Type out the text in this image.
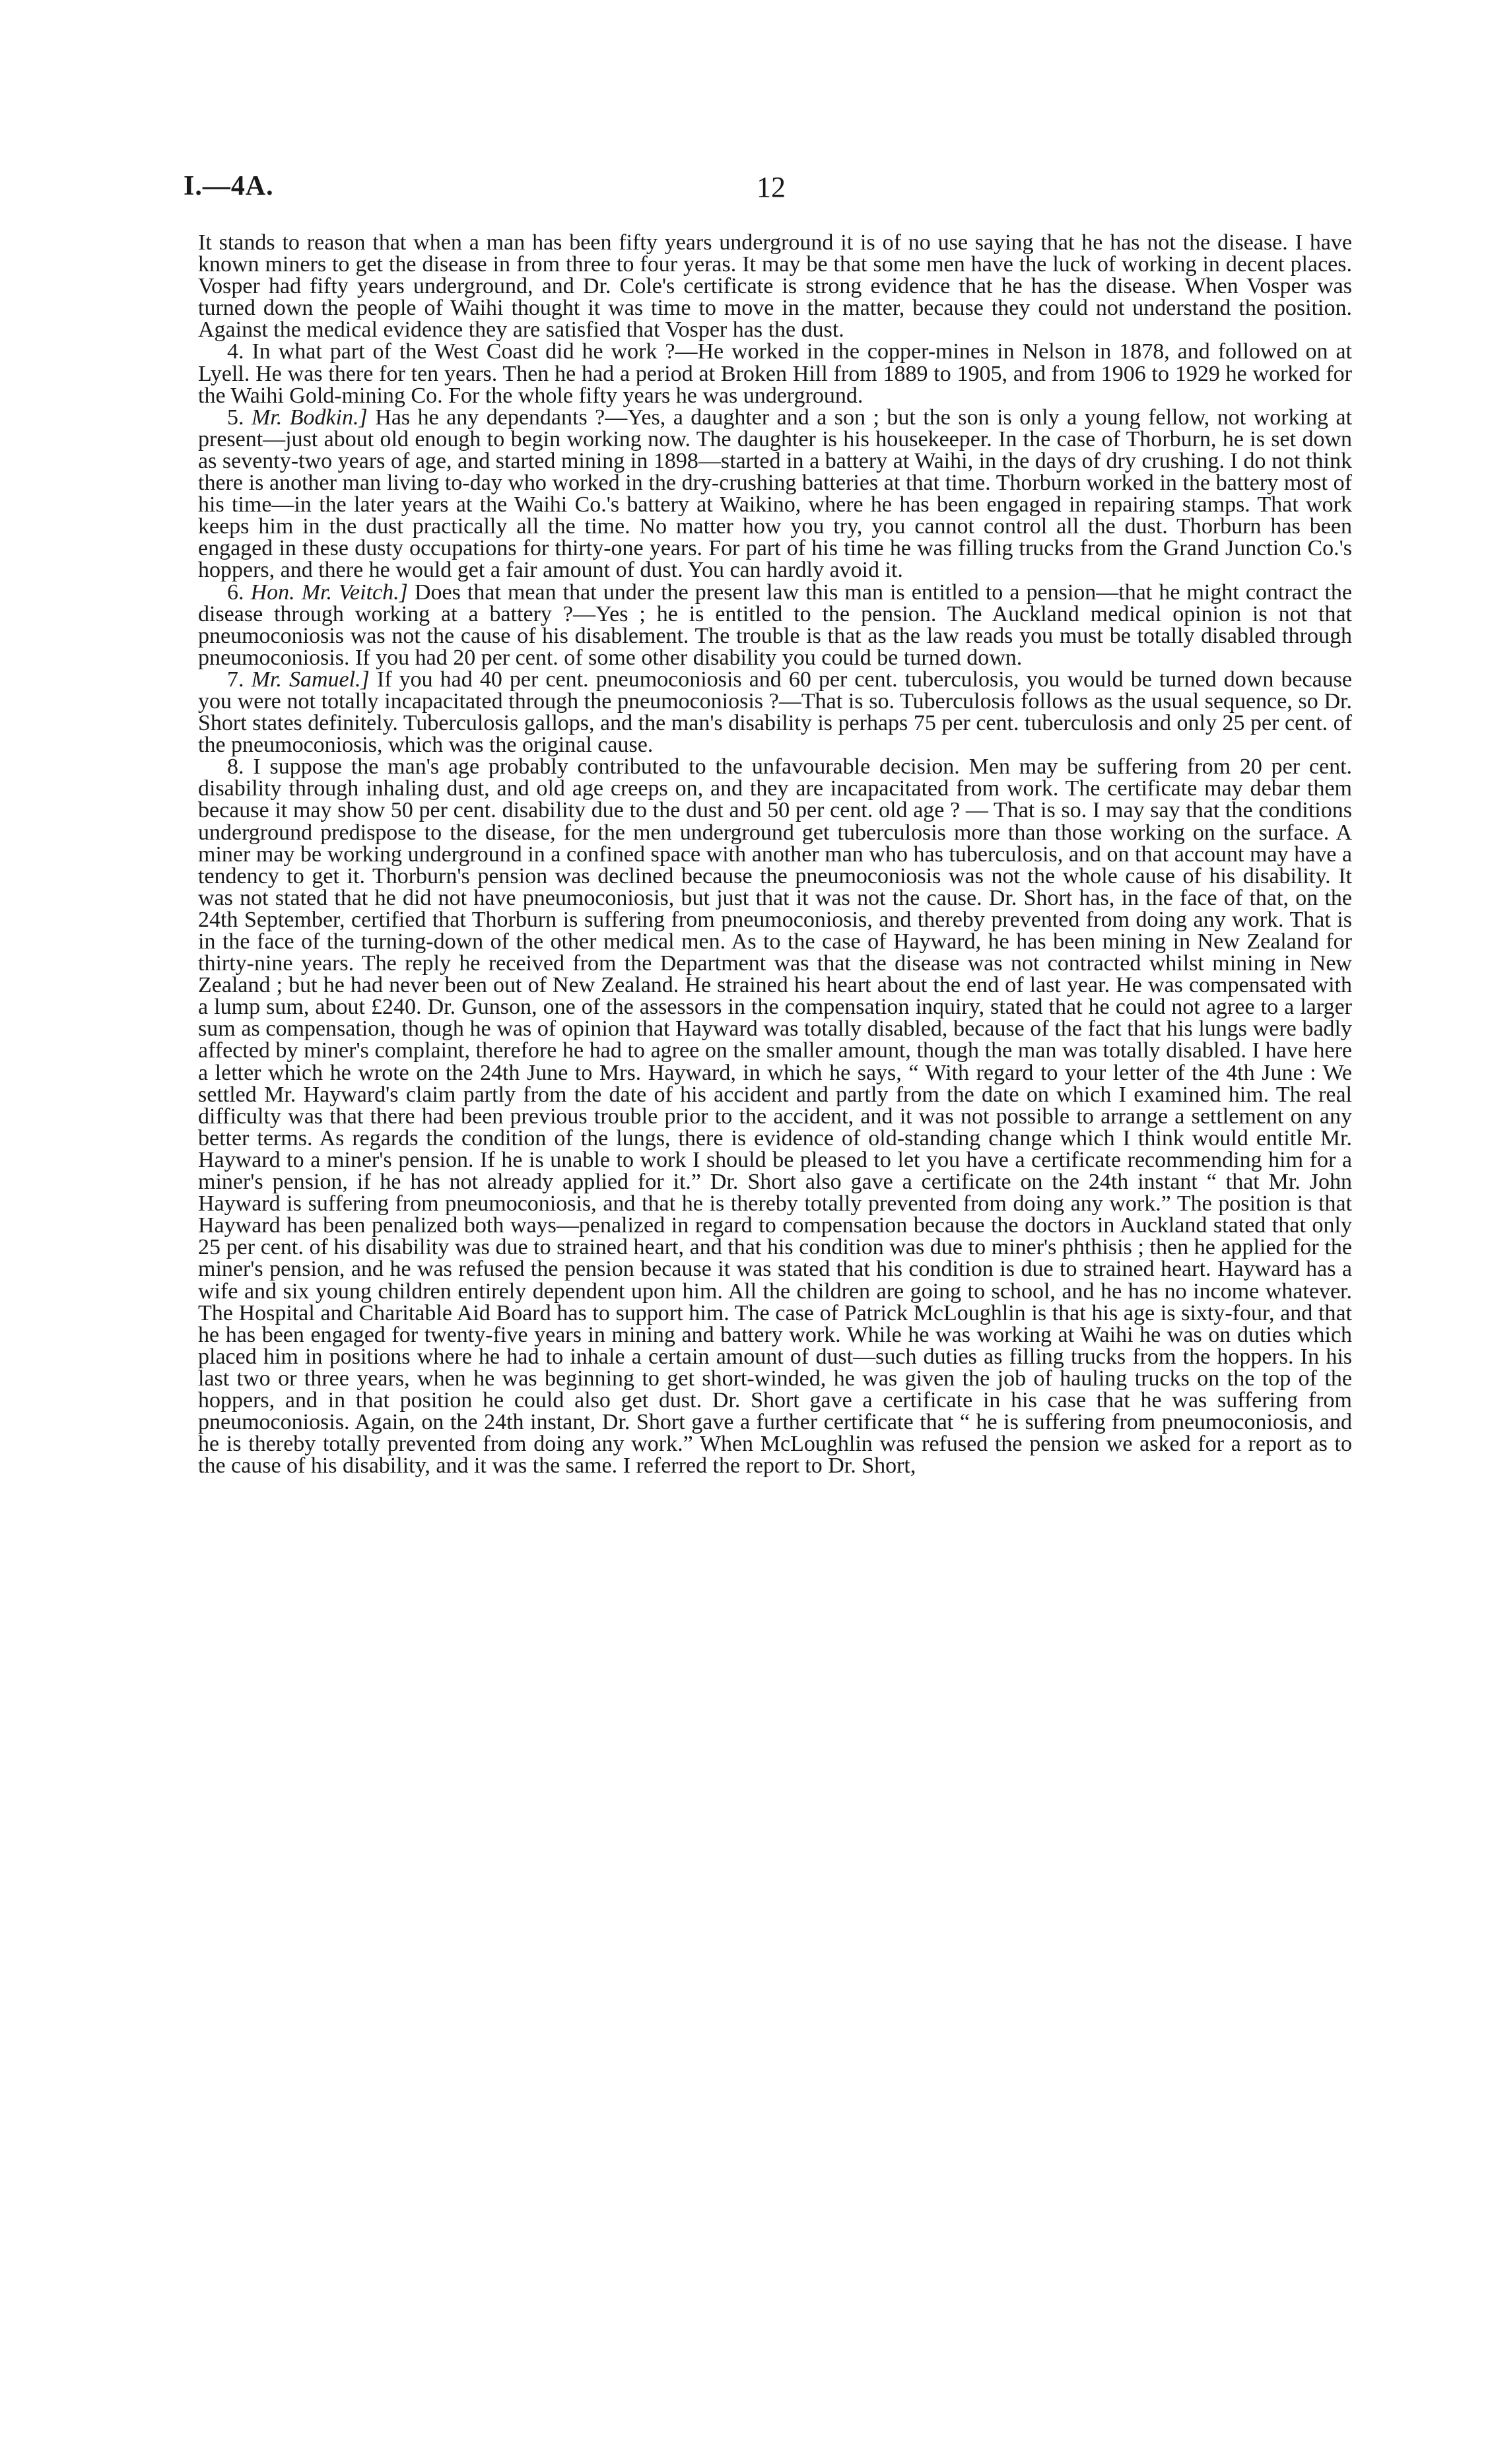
I.—4A.	12

It stands to reason that when a man has been fifty years underground it is of no use saying that he has not the disease. I have known miners to get the disease in from three to four yeras. It may be that some men have the luck of working in decent places. Vosper had fifty years underground, and Dr. Cole's certificate is strong evidence that he has the disease. When Vosper was turned down the people of Waihi thought it was time to move in the matter, because they could not understand the position. Against the medical evidence they are satisfied that Vosper has the dust.

4. In what part of the West Coast did he work ?—He worked in the copper-mines in Nelson in 1878, and followed on at Lyell. He was there for ten years. Then he had a period at Broken Hill from 1889 to 1905, and from 1906 to 1929 he worked for the Waihi Gold-mining Co. For the whole fifty years he was underground.

5. Mr. Bodkin.] Has he any dependants ?—Yes, a daughter and a son ; but the son is only a young fellow, not working at present—just about old enough to begin working now. The daughter is his housekeeper. In the case of Thorburn, he is set down as seventy-two years of age, and started mining in 1898—started in a battery at Waihi, in the days of dry crushing. I do not think there is another man living to-day who worked in the dry-crushing batteries at that time. Thorburn worked in the battery most of his time—in the later years at the Waihi Co.'s battery at Waikino, where he has been engaged in repairing stamps. That work keeps him in the dust practically all the time. No matter how you try, you cannot control all the dust. Thorburn has been engaged in these dusty occupations for thirty-one years. For part of his time he was filling trucks from the Grand Junction Co.'s hoppers, and there he would get a fair amount of dust. You can hardly avoid it.

6. Hon. Mr. Veitch.] Does that mean that under the present law this man is entitled to a pension—that he might contract the disease through working at a battery ?—Yes ; he is entitled to the pension. The Auckland medical opinion is not that pneumoconiosis was not the cause of his disablement. The trouble is that as the law reads you must be totally disabled through pneumoconiosis. If you had 20 per cent. of some other disability you could be turned down.

7. Mr. Samuel.] If you had 40 per cent. pneumoconiosis and 60 per cent. tuberculosis, you would be turned down because you were not totally incapacitated through the pneumoconiosis ?—That is so. Tuberculosis follows as the usual sequence, so Dr. Short states definitely. Tuberculosis gallops, and the man's disability is perhaps 75 per cent. tuberculosis and only 25 per cent. of the pneumoconiosis, which was the original cause.

8. I suppose the man's age probably contributed to the unfavourable decision. Men may be suffering from 20 per cent. disability through inhaling dust, and old age creeps on, and they are incapacitated from work. The certificate may debar them because it may show 50 per cent. disability due to the dust and 50 per cent. old age ? — That is so. I may say that the conditions underground predispose to the disease, for the men underground get tuberculosis more than those working on the surface. A miner may be working underground in a confined space with another man who has tuberculosis, and on that account may have a tendency to get it. Thorburn's pension was declined because the pneumoconiosis was not the whole cause of his disability. It was not stated that he did not have pneumoconiosis, but just that it was not the cause. Dr. Short has, in the face of that, on the 24th September, certified that Thorburn is suffering from pneumoconiosis, and thereby prevented from doing any work. That is in the face of the turning-down of the other medical men. As to the case of Hayward, he has been mining in New Zealand for thirty-nine years. The reply he received from the Department was that the disease was not contracted whilst mining in New Zealand ; but he had never been out of New Zealand. He strained his heart about the end of last year. He was compensated with a lump sum, about £240. Dr. Gunson, one of the assessors in the compensation inquiry, stated that he could not agree to a larger sum as compensation, though he was of opinion that Hayward was totally disabled, because of the fact that his lungs were badly affected by miner's complaint, therefore he had to agree on the smaller amount, though the man was totally disabled. I have here a letter which he wrote on the 24th June to Mrs. Hayward, in which he says, “ With regard to your letter of the 4th June : We settled Mr. Hayward's claim partly from the date of his accident and partly from the date on which I examined him. The real difficulty was that there had been previous trouble prior to the accident, and it was not possible to arrange a settlement on any better terms. As regards the condition of the lungs, there is evidence of old-standing change which I think would entitle Mr. Hayward to a miner's pension. If he is unable to work I should be pleased to let you have a certificate recommending him for a miner's pension, if he has not already applied for it.” Dr. Short also gave a certificate on the 24th instant “ that Mr. John Hayward is suffering from pneumoconiosis, and that he is thereby totally prevented from doing any work.” The position is that Hayward has been penalized both ways—penalized in regard to compensation because the doctors in Auckland stated that only 25 per cent. of his disability was due to strained heart, and that his condition was due to miner's phthisis ; then he applied for the miner's pension, and he was refused the pension because it was stated that his condition is due to strained heart. Hayward has a wife and six young children entirely dependent upon him. All the children are going to school, and he has no income whatever. The Hospital and Charitable Aid Board has to support him. The case of Patrick McLoughlin is that his age is sixty-four, and that he has been engaged for twenty-five years in mining and battery work. While he was working at Waihi he was on duties which placed him in positions where he had to inhale a certain amount of dust—such duties as filling trucks from the hoppers. In his last two or three years, when he was beginning to get short-winded, he was given the job of hauling trucks on the top of the hoppers, and in that position he could also get dust. Dr. Short gave a certificate in his case that he was suffering from pneumoconiosis. Again, on the 24th instant, Dr. Short gave a further certificate that “ he is suffering from pneumoconiosis, and he is thereby totally prevented from doing any work.” When McLoughlin was refused the pension we asked for a report as to the cause of his disability, and it was the same. I referred the report to Dr. Short,
